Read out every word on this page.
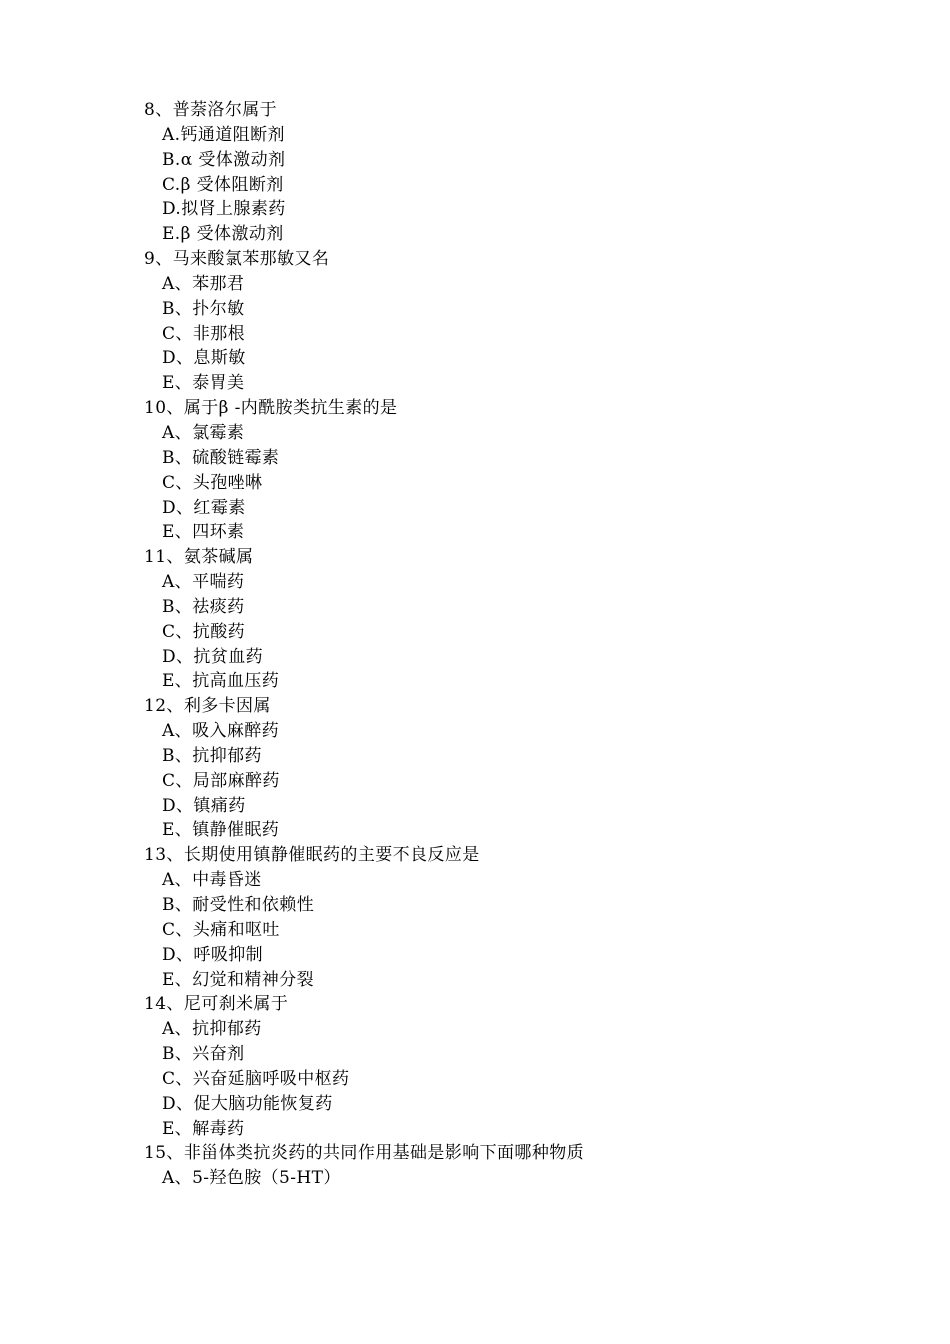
8、普萘洛尔属于
A.钙通道阻断剂
B.α 受体激动剂
C.β 受体阻断剂
D.拟肾上腺素药
E.β 受体激动剂
9、马来酸氯苯那敏又名
A、苯那君
B、扑尔敏
C、非那根
D、息斯敏
E、泰胃美
10、属于β -内酰胺类抗生素的是
A、氯霉素
B、硫酸链霉素
C、头孢唑啉
D、红霉素
E、四环素
11、氨茶碱属
A、平喘药
B、祛痰药
C、抗酸药
D、抗贫血药
E、抗高血压药
12、利多卡因属
A、吸入麻醉药
B、抗抑郁药
C、局部麻醉药
D、镇痛药
E、镇静催眠药
13、长期使用镇静催眠药的主要不良反应是
A、中毒昏迷
B、耐受性和依赖性
C、头痛和呕吐
D、呼吸抑制
E、幻觉和精神分裂
14、尼可刹米属于
A、抗抑郁药
B、兴奋剂
C、兴奋延脑呼吸中枢药
D、促大脑功能恢复药
E、解毒药
15、非甾体类抗炎药的共同作用基础是影响下面哪种物质
A、5-羟色胺（5-HT）
